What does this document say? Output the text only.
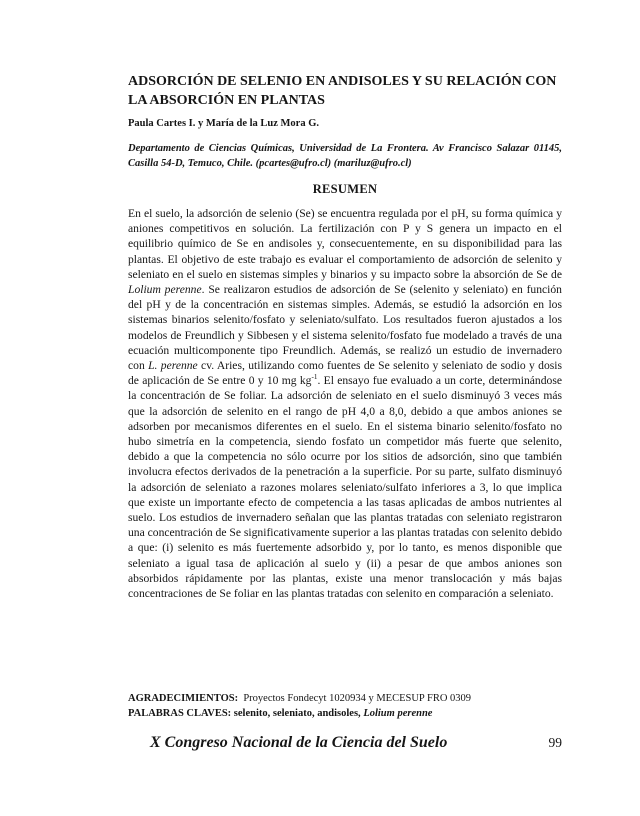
ADSORCIÓN DE SELENIO EN ANDISOLES Y SU RELACIÓN CON LA ABSORCIÓN EN PLANTAS
Paula Cartes I. y María de la Luz Mora G.
Departamento de Ciencias Químicas, Universidad de La Frontera. Av Francisco Salazar 01145, Casilla 54-D, Temuco, Chile. (pcartes@ufro.cl) (mariluz@ufro.cl)
RESUMEN

En el suelo, la adsorción de selenio (Se) se encuentra regulada por el pH, su forma química y aniones competitivos en solución. La fertilización con P y S genera un impacto en el equilibrio químico de Se en andisoles y, consecuentemente, en su disponibilidad para las plantas. El objetivo de este trabajo es evaluar el comportamiento de adsorción de selenito y seleniato en el suelo en sistemas simples y binarios y su impacto sobre la absorción de Se de Lolium perenne. Se realizaron estudios de adsorción de Se (selenito y seleniato) en función del pH y de la concentración en sistemas simples. Además, se estudió la adsorción en los sistemas binarios selenito/fosfato y seleniato/sulfato. Los resultados fueron ajustados a los modelos de Freundlich y Sibbesen y el sistema selenito/fosfato fue modelado a través de una ecuación multicomponente tipo Freundlich. Además, se realizó un estudio de invernadero con L. perenne cv. Aries, utilizando como fuentes de Se selenito y seleniato de sodio y dosis de aplicación de Se entre 0 y 10 mg $kg^{-1}$. El ensayo fue evaluado a un corte, determinándose la concentración de Se foliar. La adsorción de seleniato en el suelo disminuyó 3 veces más que la adsorción de selenito en el rango de pH 4,0 a 8,0, debido a que ambos aniones se adsorben por mecanismos diferentes en el suelo. En el sistema binario selenito/fosfato no hubo simetría en la competencia, siendo fosfato un competidor más fuerte que selenito, debido a que la competencia no sólo ocurre por los sitios de adsorción, sino que también involucra efectos derivados de la penetración a la superficie. Por su parte, sulfato disminuyó la adsorción de seleniato a razones molares seleniato/sulfato inferiores a 3, lo que implica que existe un importante efecto de competencia a las tasas aplicadas de ambos nutrientes al suelo. Los estudios de invernadero señalan que las plantas tratadas con seleniato registraron una concentración de Se significativamente superior a las plantas tratadas con selenito debido a que: (i) selenito es más fuertemente adsorbido y, por lo tanto, es menos disponible que seleniato a igual tasa de aplicación al suelo y (ii) a pesar de que ambos aniones son absorbidos rápidamente por las plantas, existe una menor translocación y más bajas concentraciones de Se foliar en las plantas tratadas con selenito en comparación a seleniato.

AGRADECIMIENTOS:  Proyectos Fondecyt 1020934 y MECESUP FRO 0309
PALABRAS CLAVES: selenito, seleniato, andisoles, Lolium perenne
X Congreso Nacional de la Ciencia del Suelo	99
